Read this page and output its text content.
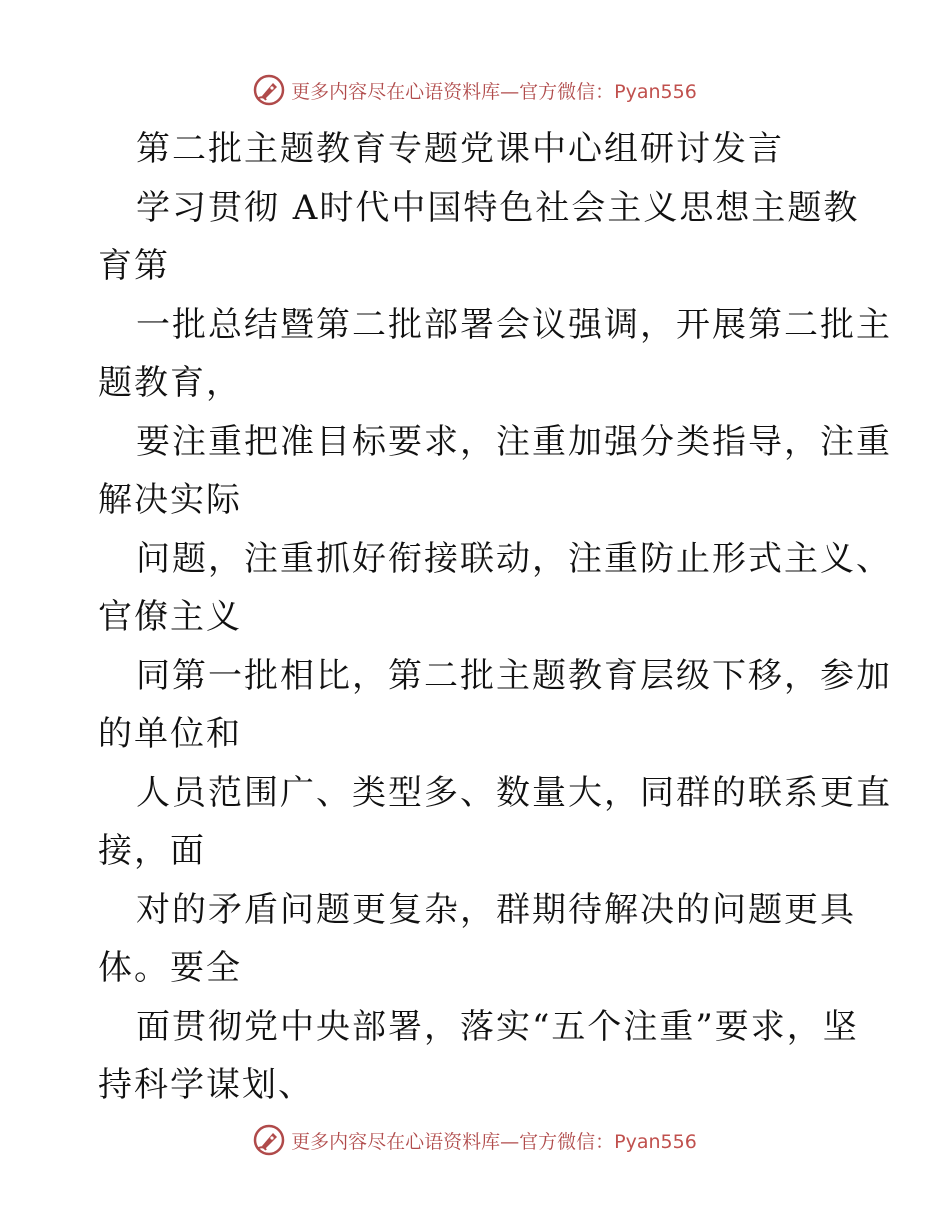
更多内容尽在心语资料库—官方微信：Pyan556
第二批主题教育专题党课中心组研讨发言
学习贯彻 A时代中国特色社会主义思想主题教
育第
一批总结暨第二批部署会议强调，开展第二批主
题教育，
要注重把准目标要求，注重加强分类指导，注重
解决实际
问题，注重抓好衔接联动，注重防止形式主义、
官僚主义
同第一批相比，第二批主题教育层级下移，参加
的单位和
人员范围广、类型多、数量大，同群的联系更直
接，面
对的矛盾问题更复杂，群期待解决的问题更具
体。要全
面贯彻党中央部署，落实“五个注重”要求，坚
持科学谋划、
更多内容尽在心语资料库—官方微信：Pyan556
